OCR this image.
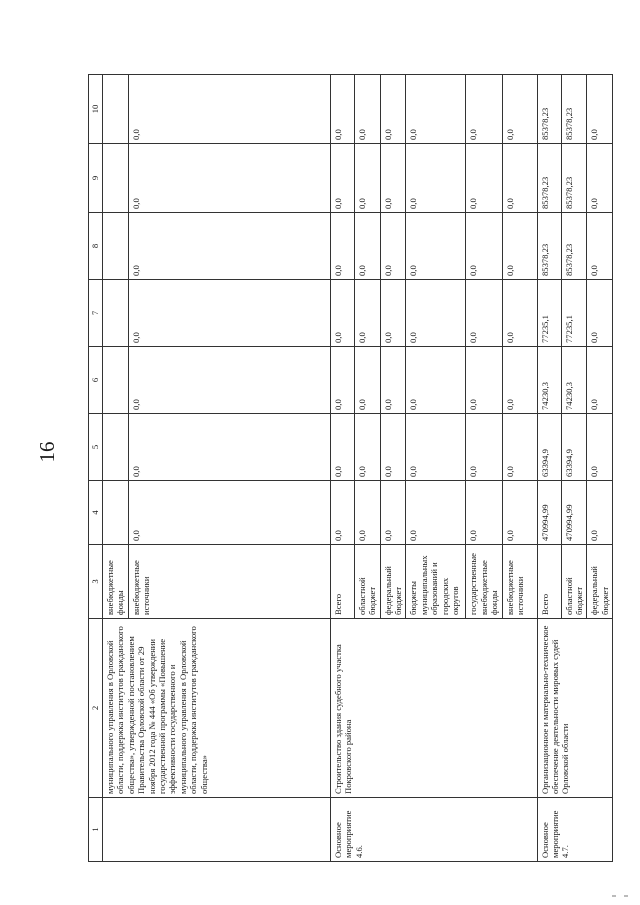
16
1	2	3	4	5	6	7	8	9	10
	муниципального управления в Орловской области, поддержка институтов гражданского общества», утвержденной постановлением Правительства Орловской области от 29 ноября 2012 года № 444 «Об утверждении государственной программы «Повышение эффективности государственного и муниципального управления в Орловской области, поддержка институтов гражданского общества»	внебюджетные фонды							
		внебюджетные источники	0,0	0,0	0,0	0,0	0,0	0,0	0,0
Основное мероприятие 4.6.	Строительство здания судебного участка Покровского района	Всего	0,0	0,0	0,0	0,0	0,0	0,0	0,0
		областной бюджет	0,0	0,0	0,0	0,0	0,0	0,0	0,0
		федеральный бюджет	0,0	0,0	0,0	0,0	0,0	0,0	0,0
		бюджеты муниципальных образований и городских округов	0,0	0,0	0,0	0,0	0,0	0,0	0,0
		государственные внебюджетные фонды	0,0	0,0	0,0	0,0	0,0	0,0	0,0
		внебюджетные источники	0,0	0,0	0,0	0,0	0,0	0,0	0,0
Основное мероприятие 4.7.	Организационное и материально-техническое обеспечение деятельности мировых судей Орловской области	Всего	470994,99	63394,9	74230,3	77235,1	85378,23	85378,23	85378,23
		областной бюджет	470994,99	63394,9	74230,3	77235,1	85378,23	85378,23	85378,23
		федеральный бюджет	0,0	0,0	0,0	0,0	0,0	0,0	0,0
